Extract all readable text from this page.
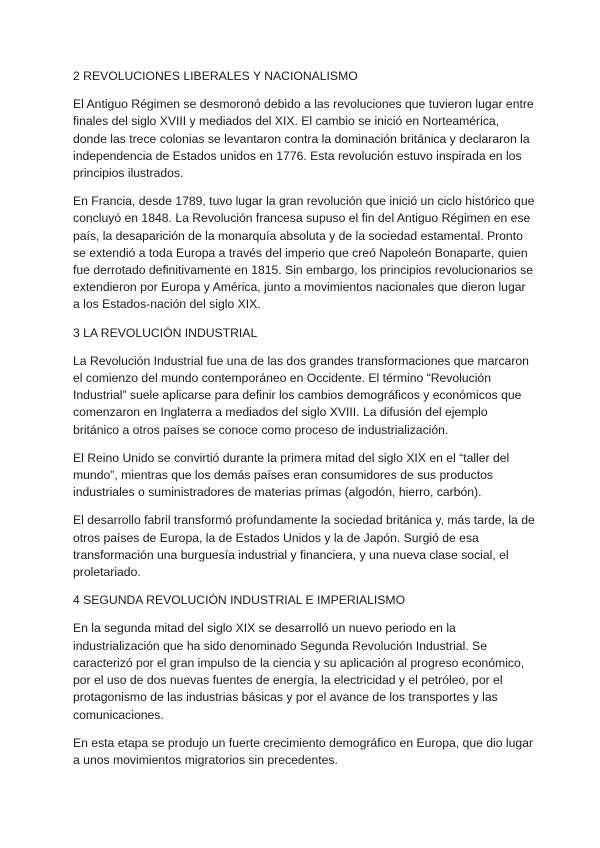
2 REVOLUCIONES LIBERALES Y NACIONALISMO

El Antiguo Régimen se desmoronó debido a las revoluciones que tuvieron lugar entre finales del siglo XVIII y mediados del XIX. El cambio se inició en Norteamérica, donde las trece colonias se levantaron contra la dominación británica y declararon la independencia de Estados unidos en 1776. Esta revolución estuvo inspirada en los principios ilustrados.

En Francia, desde 1789, tuvo lugar la gran revolución que inició un ciclo histórico que concluyó en 1848. La Revolución francesa supuso el fin del Antiguo Régimen en ese país, la desaparición de la monarquía absoluta y de la sociedad estamental. Pronto se extendió a toda Europa a través del imperio que creó Napoleón Bonaparte, quien fue derrotado definitivamente en 1815. Sin embargo, los principios revolucionarios se extendieron por Europa y América, junto a movimientos nacionales que dieron lugar a los Estados-nación del siglo XIX.

3 LA REVOLUCIÓN INDUSTRIAL

La Revolución Industrial fue una de las dos grandes transformaciones que marcaron el comienzo del mundo contemporáneo en Occidente. El término “Revolución Industrial” suele aplicarse para definir los cambios demográficos y económicos que comenzaron en Inglaterra a mediados del siglo XVIII. La difusión del ejemplo británico a otros países se conoce como proceso de industrialización.

El Reino Unido se convirtió durante la primera mitad del siglo XIX en el “taller del mundo”, mientras que los demás países eran consumidores de sus productos industriales o suministradores de materias primas (algodón, hierro, carbón).

El desarrollo fabril transformó profundamente la sociedad británica y, más tarde, la de otros países de Europa, la de Estados Unidos y la de Japón. Surgió de esa transformación una burguesía industrial y financiera, y una nueva clase social, el proletariado.

4 SEGUNDA REVOLUCIÓN INDUSTRIAL E IMPERIALISMO

En la segunda mitad del siglo XIX se desarrolló un nuevo periodo en la industrialización que ha sido denominado Segunda Revolución Industrial. Se caracterizó por el gran impulso de la ciencia y su aplicación al progreso económico, por el uso de dos nuevas fuentes de energía, la electricidad y el petróleo, por el protagonismo de las industrias básicas y por el avance de los transportes y las comunicaciones.

En esta etapa se produjo un fuerte crecimiento demográfico en Europa, que dio lugar a unos movimientos migratorios sin precedentes.
